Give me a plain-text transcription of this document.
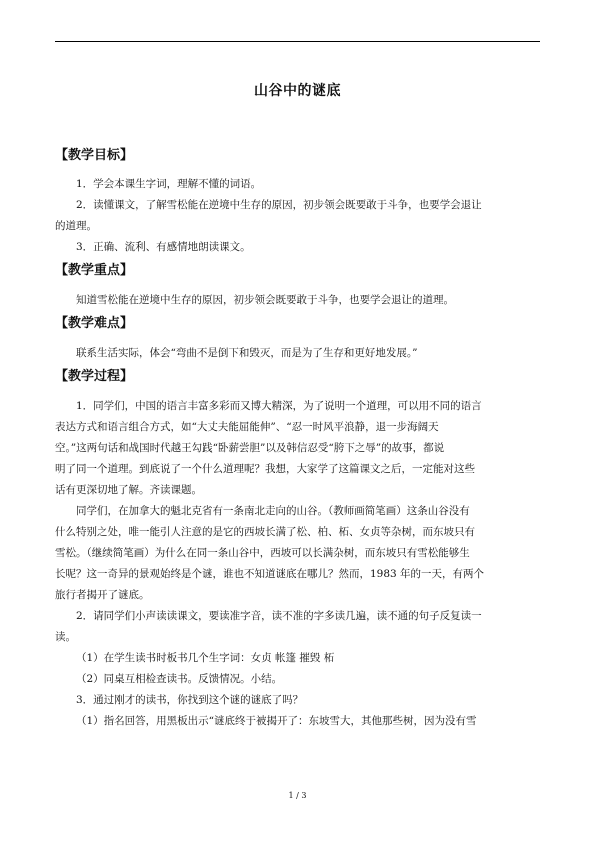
山谷中的谜底
【教学目标】

1．学会本课生字词，理解不懂的词语。

2．读懂课文，了解雪松能在逆境中生存的原因，初步领会既要敢于斗争，也要学会退让

的道理。

3．正确、流利、有感情地朗读课文。

【教学重点】

知道雪松能在逆境中生存的原因，初步领会既要敢于斗争，也要学会退让的道理。

【教学难点】

联系生活实际，体会“弯曲不是倒下和毁灭，而是为了生存和更好地发展。”

【教学过程】

1．同学们，中国的语言丰富多彩而又博大精深，为了说明一个道理，可以用不同的语言

表达方式和语言组合方式，如“大丈夫能屈能伸”、“忍一时风平浪静，退一步海阔天

空。”这两句话和战国时代越王勾践“卧薪尝胆”以及韩信忍受“胯下之辱”的故事，都说

明了同一个道理。到底说了一个什么道理呢？我想，大家学了这篇课文之后，一定能对这些

话有更深切地了解。齐读课题。

同学们，在加拿大的魁北克省有一条南北走向的山谷。（教师画简笔画）这条山谷没有

什么特别之处，唯一能引人注意的是它的西坡长满了松、柏、柘、女贞等杂树，而东坡只有

雪松。（继续简笔画）为什么在同一条山谷中，西坡可以长满杂树，而东坡只有雪松能够生

长呢？这一奇异的景观始终是个谜，谁也不知道谜底在哪儿？然而，1983 年的一天，有两个

旅行者揭开了谜底。

2．请同学们小声读读课文，要读准字音，读不准的字多读几遍，读不通的句子反复读一

读。

（1）在学生读书时板书几个生字词：女贞 帐篷 摧毁 柘

（2）同桌互相检查读书。反馈情况。小结。

3．通过刚才的读书，你找到这个谜的谜底了吗？

（1）指名回答，用黑板出示“谜底终于被揭开了：东坡雪大，其他那些树，因为没有雪

1 / 3
